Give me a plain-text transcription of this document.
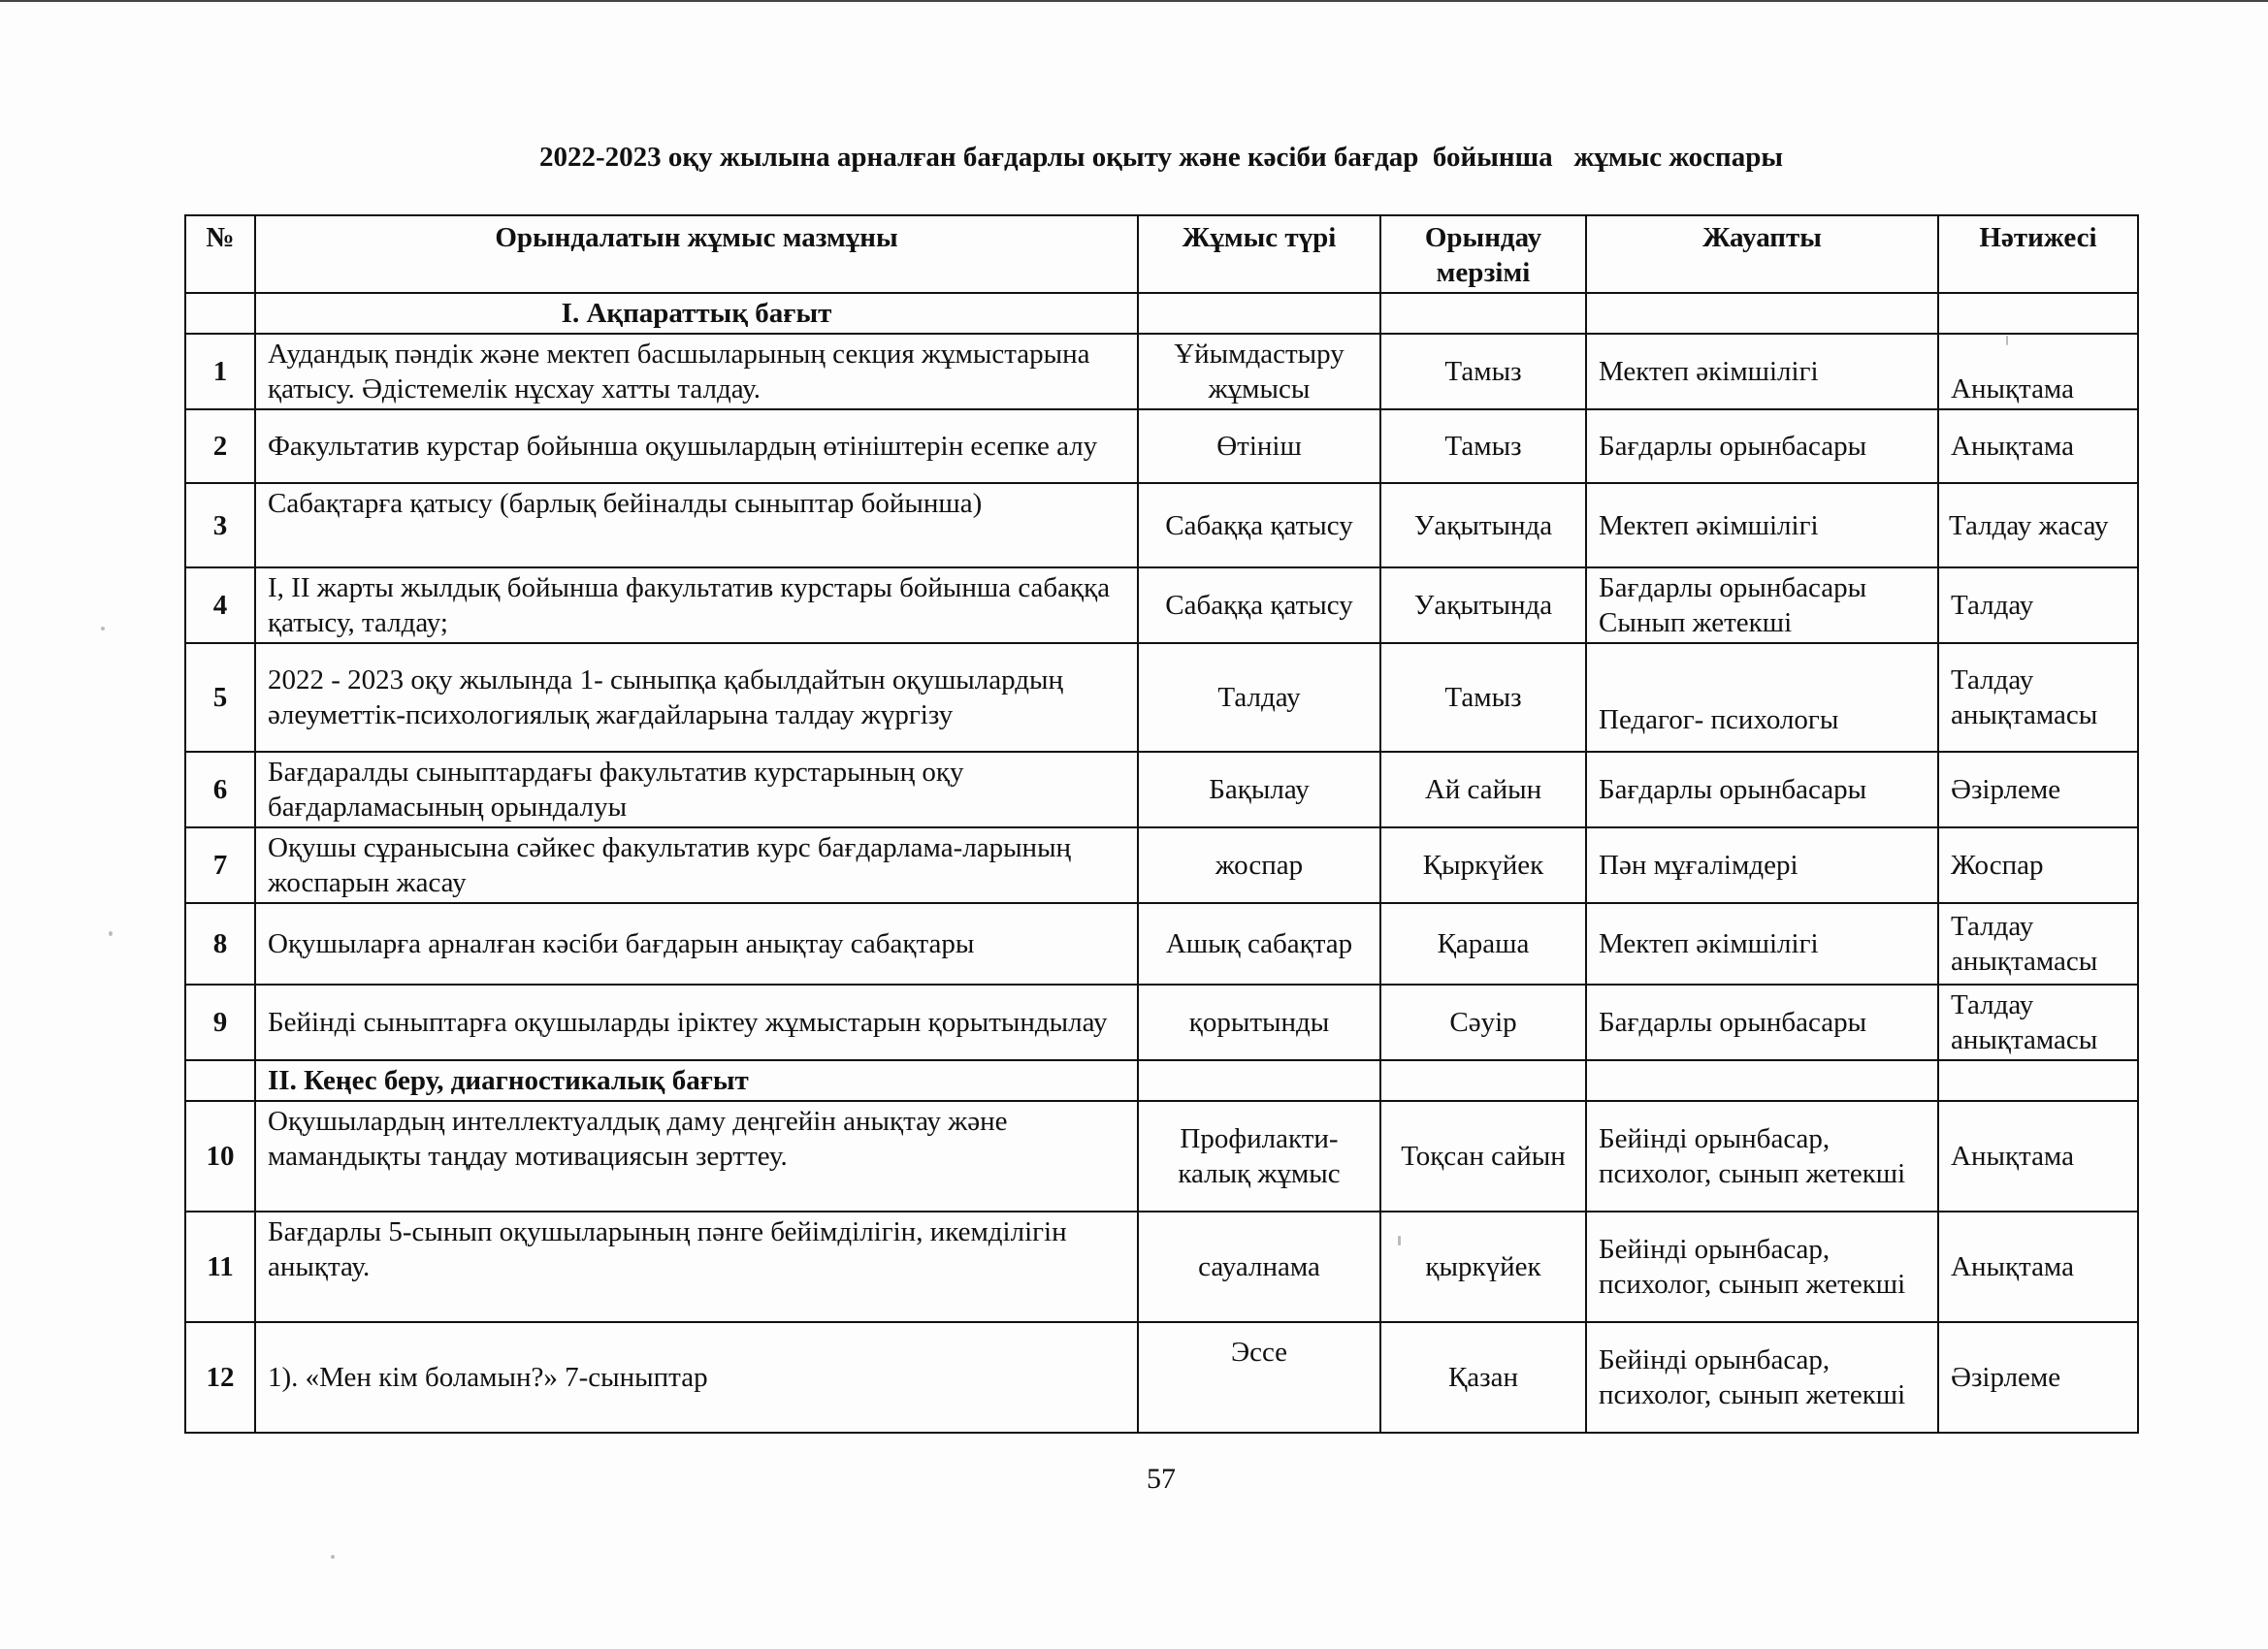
2022-2023 оқу жылына арналған бағдарлы оқыту және кәсіби бағдар  бойынша   жұмыс жоспары
№	Орындалатын жұмыс мазмұны	Жұмыс түрі	Орындау мерзімі	Жауапты	Нәтижесі
	І. Ақпараттық бағыт				
1	Аудандық пәндік және мектеп басшыларының секция жұмыстарына қатысу. Әдістемелік нұсхау хатты талдау.	Ұйымдастыру жұмысы	Тамыз	Мектеп әкімшілігі	Анықтама
2	Факультатив курстар бойынша оқушылардың өтініштерін есепке алу	Өтініш	Тамыз	Бағдарлы орынбасары	Анықтама
3	Сабақтарға қатысу (барлық бейіналды сыныптар бойынша)	Сабаққа қатысу	Уақытында	Мектеп әкімшілігі	Талдау жасау
4	І, ІІ жарты жылдық бойынша факультатив курстары бойынша сабаққа қатысу, талдау;	Сабаққа қатысу	Уақытында	Бағдарлы орынбасары Сынып жетекші	Талдау
5	2022 - 2023 оқу жылында 1- сыныпқа қабылдайтын оқушылардың әлеуметтік-психологиялық жағдайларына талдау жүргізу	Талдау	Тамыз	Педагог- психологы	Талдау анықтамасы
6	Бағдаралды сыныптардағы факультатив курстарының оқу бағдарламасының орындалуы	Бақылау	Ай сайын	Бағдарлы орынбасары	Әзірлеме
7	Оқушы сұранысына сәйкес факультатив курс бағдарлама-ларының жоспарын жасау	жоспар	Қыркүйек	Пән мұғалімдері	Жоспар
8	Оқушыларға арналған кәсіби бағдарын анықтау сабақтары	Ашық сабақтар	Қараша	Мектеп әкімшілігі	Талдау анықтамасы
9	Бейінді сыныптарға оқушыларды іріктеу жұмыстарын қорытындылау	қорытынды	Сәуір	Бағдарлы орынбасары	Талдау анықтамасы
	ІІ. Кеңес беру, диагностикалық бағыт				
10	Оқушылардың интеллектуалдық даму деңгейін анықтау және мамандықты таңдау мотивациясын зерттеу.	Профилакти-калық жұмыс	Тоқсан сайын	Бейінді орынбасар, психолог, сынып жетекші	Анықтама
11	Бағдарлы 5-сынып оқушыларының пәнге бейімділігін, икемділігін анықтау.	сауалнама	қыркүйек	Бейінді орынбасар, психолог, сынып жетекші	Анықтама
12	1). «Мен кім боламын?» 7-сыныптар	Эссе	Қазан	Бейінді орынбасар, психолог, сынып жетекші	Әзірлеме
57
